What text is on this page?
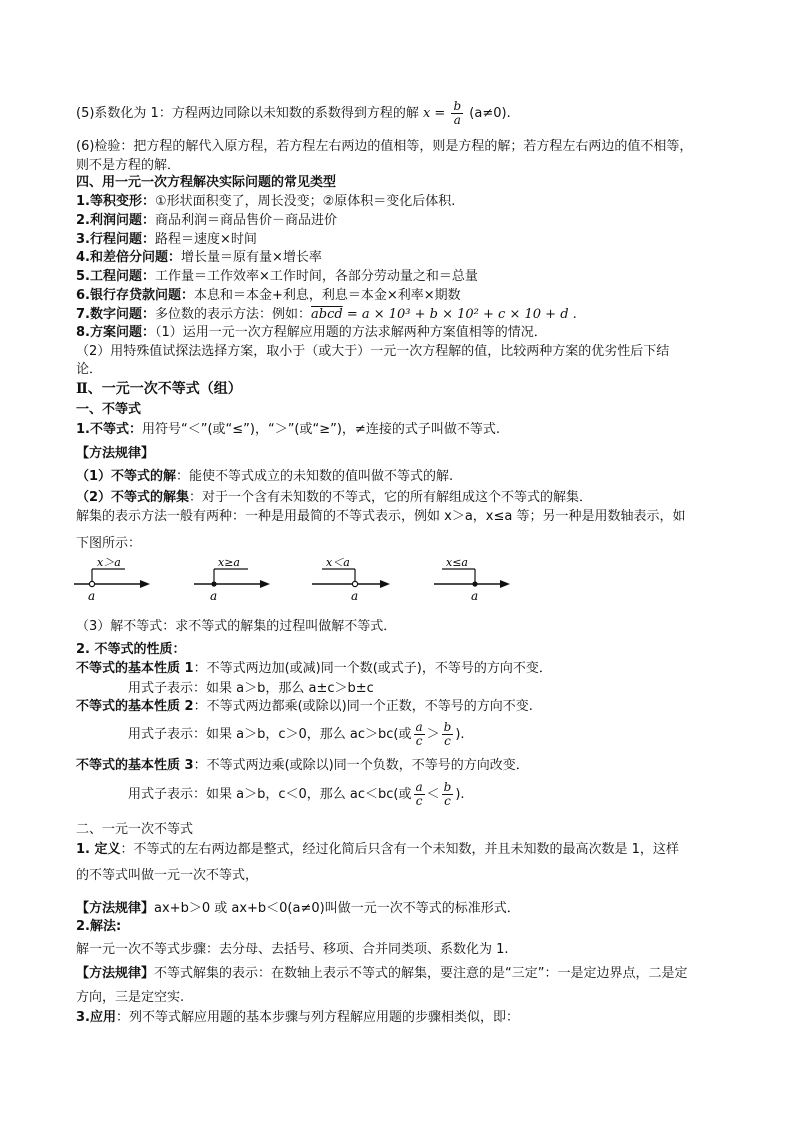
(5)系数化为 1：方程两边同除以未知数的系数得到方程的解 $x = \frac{b}{a} (a\ne 0)$.
(6)检验：把方程的解代入原方程，若方程左右两边的值相等，则是方程的解；若方程左右两边的值不相等，
则不是方程的解．
四、用一元一次方程解决实际问题的常见类型
1.等积变形：①形状面积变了，周长没变；②原体积＝变化后体积.
2.利润问题：商品利润＝商品售价－商品进价
3.行程问题：路程＝速度×时间
4.和差倍分问题：增长量＝原有量×增长率
5.工程问题：工作量＝工作效率×工作时间，各部分劳动量之和＝总量
6.银行存贷款问题：本息和＝本金+利息，利息＝本金×利率×期数
7.数字问题：多位数的表示方法：例如：abcd = a × 10³ + b × 10² + c × 10 + d .
8.方案问题：（1）运用一元一次方程解应用题的方法求解两种方案值相等的情况．
（2）用特殊值试探法选择方案，取小于（或大于）一元一次方程解的值，比较两种方案的优劣性后下结
论．
Ⅱ、一元一次不等式（组）
一、不等式
1.不等式：用符号“＜”(或“≤”)，“＞”(或“≥”)，≠连接的式子叫做不等式.
【方法规律】
（1）不等式的解：能使不等式成立的未知数的值叫做不等式的解.
（2）不等式的解集：对于一个含有未知数的不等式，它的所有解组成这个不等式的解集．
解集的表示方法一般有两种：一种是用最简的不等式表示，例如 x＞a，x≤a 等；另一种是用数轴表示，如
下图所示：
x＞a
a
x≥a
a
x＜a
a
x≤a
a
（3）解不等式：求不等式的解集的过程叫做解不等式．
2. 不等式的性质：
不等式的基本性质 1：不等式两边加(或减)同一个数(或式子)，不等号的方向不变．
用式子表示：如果 a＞b，那么 a±c＞b±c
不等式的基本性质 2：不等式两边都乘(或除以)同一个正数，不等号的方向不变.
用式子表示：如果 a＞b，c＞0，那么 ac＞bc(或 $\frac{a}{c} > \frac{b}{c}$ ).
不等式的基本性质 3：不等式两边乘(或除以)同一个负数，不等号的方向改变．
用式子表示：如果 a＞b，c＜0，那么 ac＜bc(或 $\frac{a}{c} < \frac{b}{c}$ ).
二、一元一次不等式
1. 定义：不等式的左右两边都是整式，经过化简后只含有一个未知数，并且未知数的最高次数是 1，这样
的不等式叫做一元一次不等式，
【方法规律】ax+b＞0 或 ax+b＜0(a≠0)叫做一元一次不等式的标准形式．
2.解法:
解一元一次不等式步骤：去分母、去括号、移项、合并同类项、系数化为 1.
【方法规律】不等式解集的表示：在数轴上表示不等式的解集，要注意的是“三定”：一是定边界点，二是定
方向，三是定空实.
3.应用：列不等式解应用题的基本步骤与列方程解应用题的步骤相类似，即：
